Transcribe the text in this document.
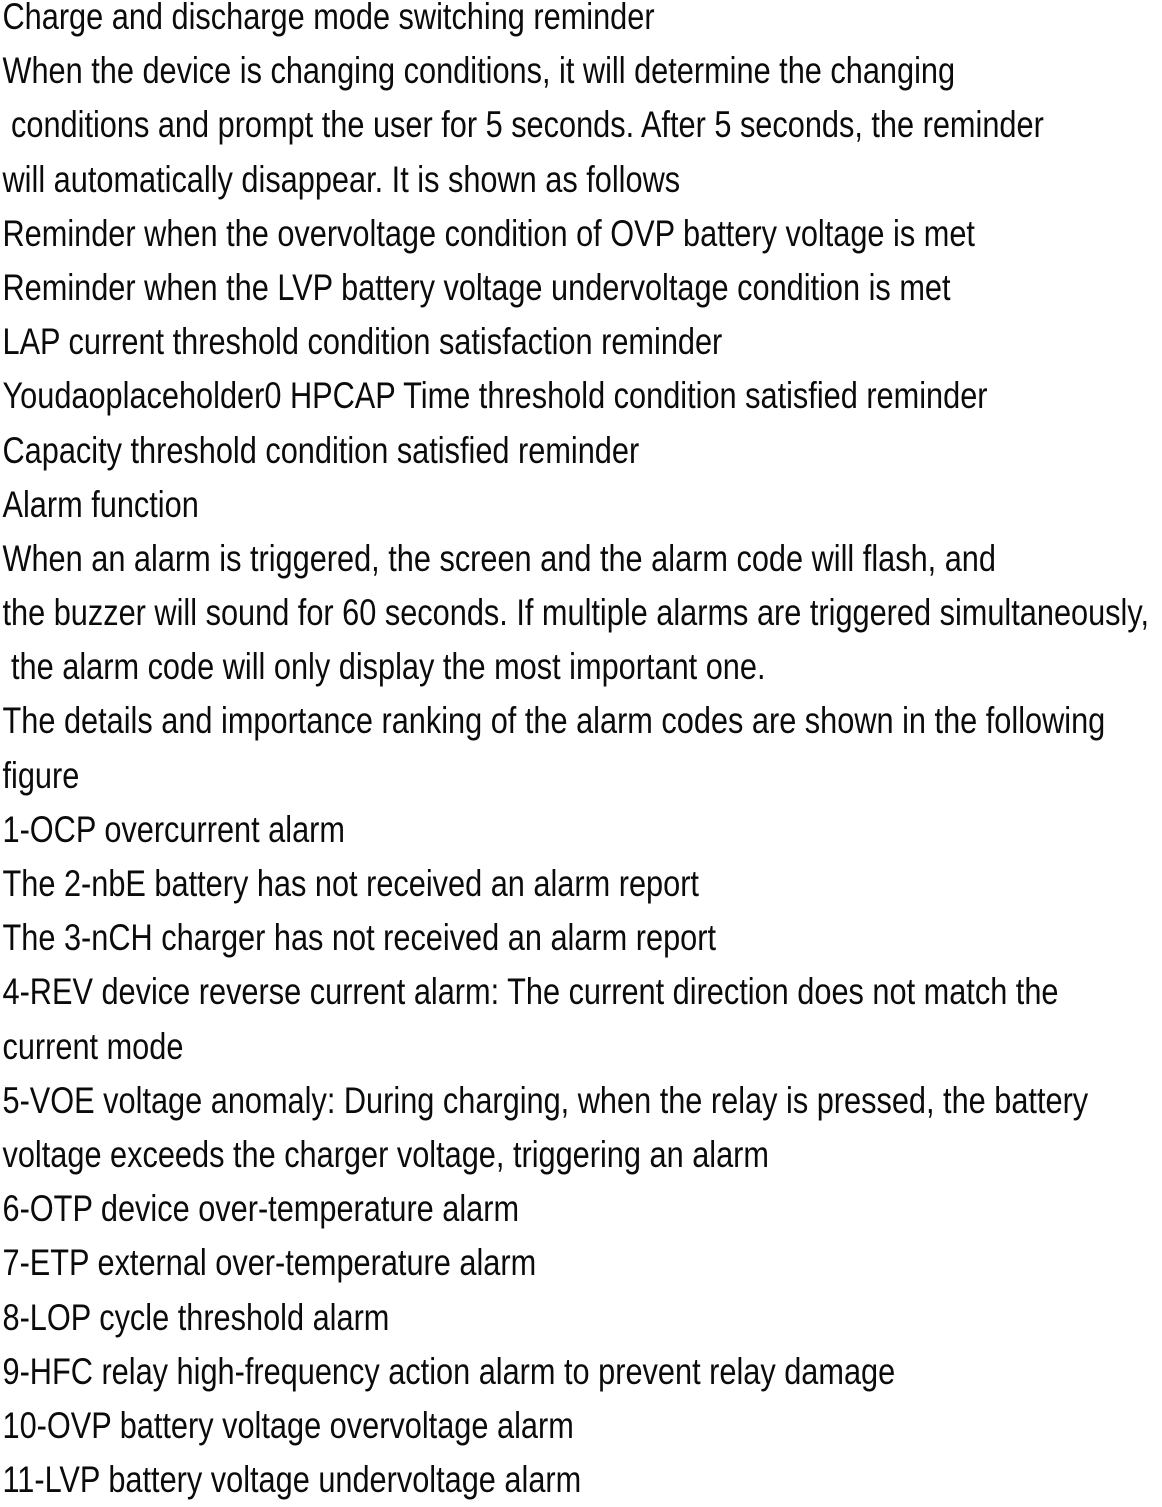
Charge and discharge mode switching reminder
When the device is changing conditions, it will determine the changing
conditions and prompt the user for 5 seconds. After 5 seconds, the reminder
will automatically disappear. It is shown as follows
Reminder when the overvoltage condition of OVP battery voltage is met
Reminder when the LVP battery voltage undervoltage condition is met
LAP current threshold condition satisfaction reminder
Youdaoplaceholder0 HPCAP Time threshold condition satisfied reminder
Capacity threshold condition satisfied reminder
Alarm function
When an alarm is triggered, the screen and the alarm code will flash, and
the buzzer will sound for 60 seconds. If multiple alarms are triggered simultaneously,
the alarm code will only display the most important one.
The details and importance ranking of the alarm codes are shown in the following
figure
1-OCP overcurrent alarm
The 2-nbE battery has not received an alarm report
The 3-nCH charger has not received an alarm report
4-REV device reverse current alarm: The current direction does not match the
current mode
5-VOE voltage anomaly: During charging, when the relay is pressed, the battery
voltage exceeds the charger voltage, triggering an alarm
6-OTP device over-temperature alarm
7-ETP external over-temperature alarm
8-LOP cycle threshold alarm
9-HFC relay high-frequency action alarm to prevent relay damage
10-OVP battery voltage overvoltage alarm
11-LVP battery voltage undervoltage alarm
